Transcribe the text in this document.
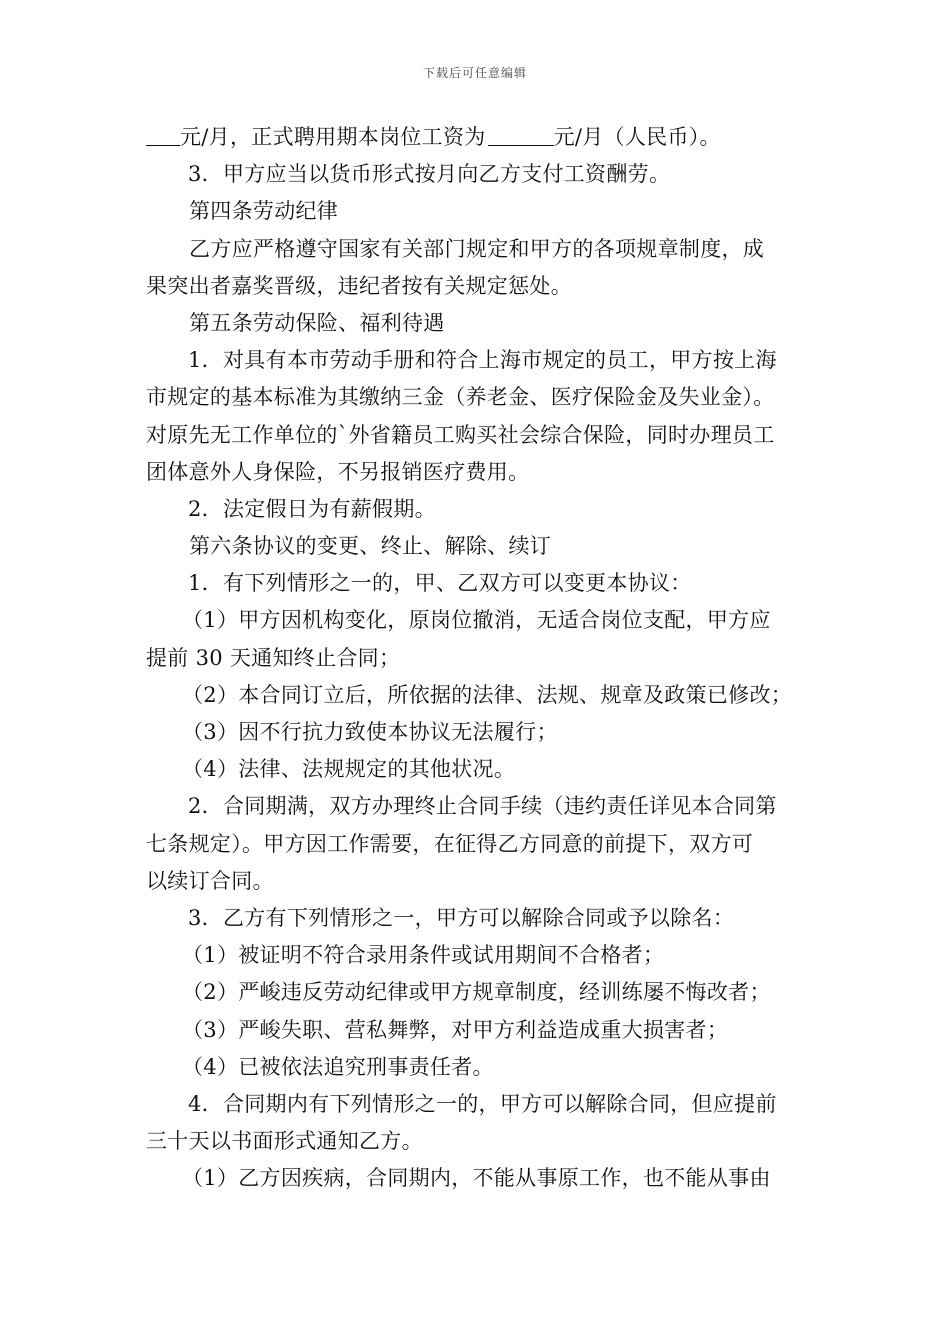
下载后可任意编辑
元/月，正式聘用期本岗位工资为	元/月（人民币）。
3．甲方应当以货币形式按月向乙方支付工资酬劳。
第四条劳动纪律
乙方应严格遵守国家有关部门规定和甲方的各项规章制度，成
果突出者嘉奖晋级，违纪者按有关规定惩处。
第五条劳动保险、福利待遇
1．对具有本市劳动手册和符合上海市规定的员工，甲方按上海
市规定的基本标准为其缴纳三金（养老金、医疗保险金及失业金）。
对原先无工作单位的`外省籍员工购买社会综合保险，同时办理员工
团体意外人身保险，不另报销医疗费用。
2．法定假日为有薪假期。
第六条协议的变更、终止、解除、续订
1．有下列情形之一的，甲、乙双方可以变更本协议：
（1）甲方因机构变化，原岗位撤消，无适合岗位支配，甲方应
提前 30 天通知终止合同；
（2）本合同订立后，所依据的法律、法规、规章及政策已修改；
（3）因不行抗力致使本协议无法履行；
（4）法律、法规规定的其他状况。
2．合同期满，双方办理终止合同手续（违约责任详见本合同第
七条规定）。甲方因工作需要，在征得乙方同意的前提下，双方可
以续订合同。
3．乙方有下列情形之一，甲方可以解除合同或予以除名：
（1）被证明不符合录用条件或试用期间不合格者；
（2）严峻违反劳动纪律或甲方规章制度，经训练屡不悔改者；
（3）严峻失职、营私舞弊，对甲方利益造成重大损害者；
（4）已被依法追究刑事责任者。
4．合同期内有下列情形之一的，甲方可以解除合同，但应提前
三十天以书面形式通知乙方。
（1）乙方因疾病，合同期内，不能从事原工作，也不能从事由
